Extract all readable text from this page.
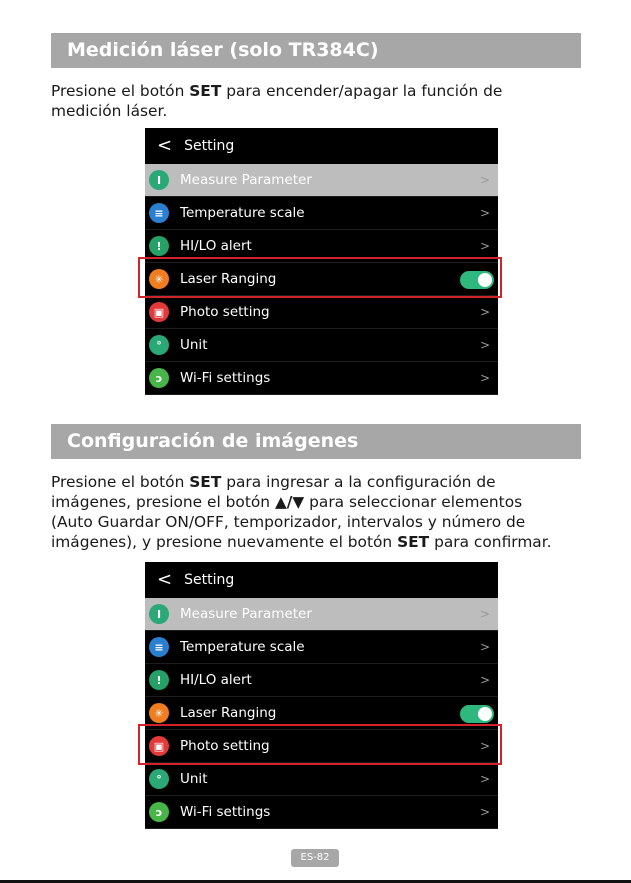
Medición láser (solo TR384C)
Presione el botón SET para encender/apagar la función de
medición láser.
< Setting
I	Measure Parameter	>
≡	Temperature scale	>
!	HI/LO alert	>
✳	Laser Ranging
▣	Photo setting	>
°	Unit	>
ↄ	Wi-Fi settings	>
Configuración de imágenes
Presione el botón SET para ingresar a la configuración de
imágenes, presione el botón ▲/▼ para seleccionar elementos
(Auto Guardar ON/OFF, temporizador, intervalos y número de
imágenes), y presione nuevamente el botón SET para confirmar.
< Setting
I	Measure Parameter	>
≡	Temperature scale	>
!	HI/LO alert	>
✳	Laser Ranging
▣	Photo setting	>
°	Unit	>
ↄ	Wi-Fi settings	>
ES-82
